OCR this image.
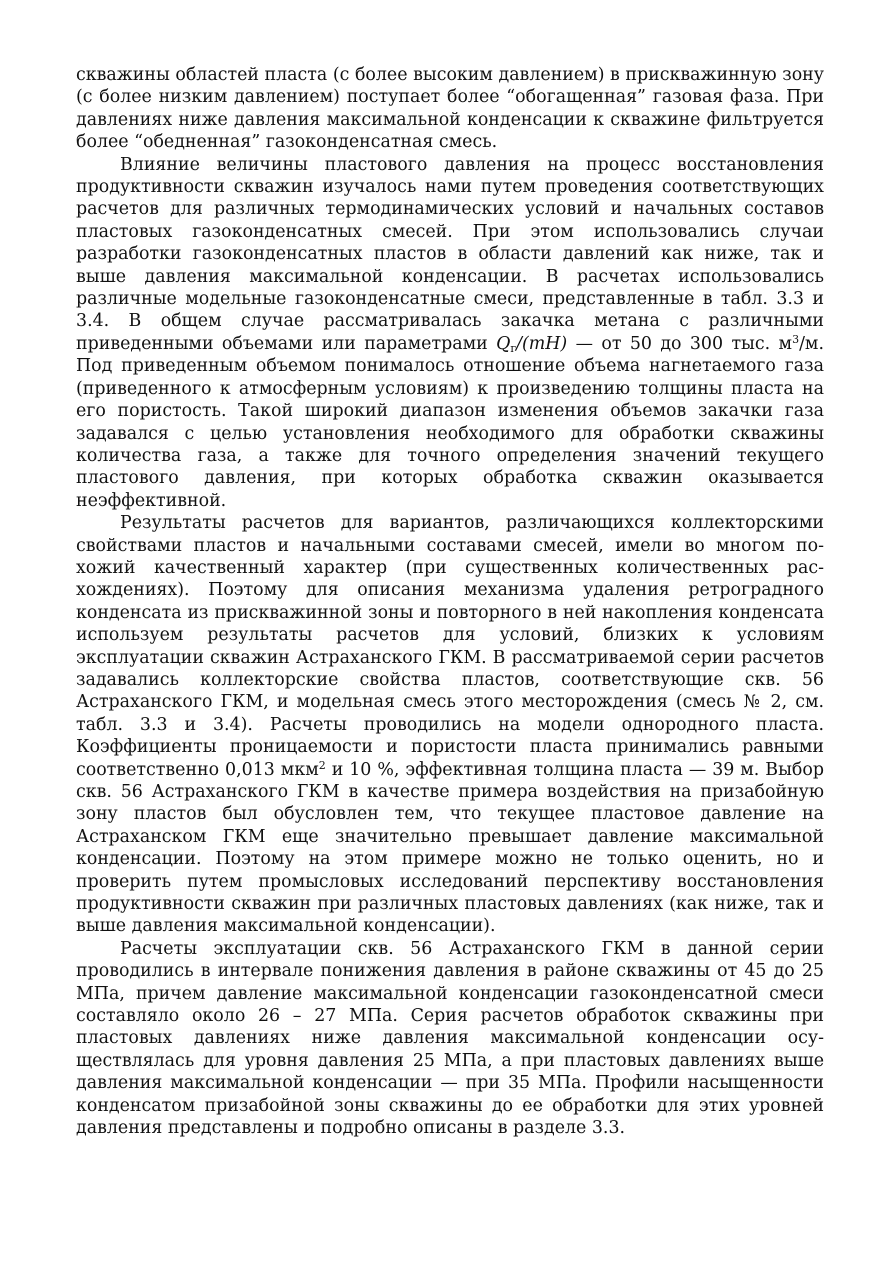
скважины областей пласта (с более высоким давлением) в прискважинную зону (с более низким давлением) поступает более “обогащенная” газовая фаза. При давлениях ниже давления максимальной конденсации к скважине фильтруется более “обедненная” газоконденсатная смесь.

Влияние величины пластового давления на процесс восстановления продуктивности скважин изучалось нами путем проведения соответствующих расчетов для различных термодинамических условий и начальных составов пластовых газоконденсатных смесей. При этом использовались случаи разработки газоконденсатных пластов в области давлений как ниже, так и выше давления максимальной конденсации. В расчетах использовались различные модельные газоконденсатные смеси, представленные в табл. 3.3 и 3.4. В общем случае рассматривалась закачка метана с различными приведенными объемами или параметрами $Q_г/(mH)$ — от 50 до 300 тыс. $м^3/м$. Под приведенным объемом понималось отношение объема нагнетаемого газа (приведенного к атмосферным условиям) к произведению толщины пласта на его пористость. Такой широкий диапазон изменения объемов закачки газа задавался с целью установления необходимого для обработки скважины количества газа, а также для точного определения значений текущего пластового давления, при которых обработка скважин оказывается неэффективной.

Результаты расчетов для вариантов, различающихся коллекторскими свойствами пластов и начальными составами смесей, имели во многом похожий качественный характер (при существенных количественных расхождениях). Поэтому для описания механизма удаления ретроградного конденсата из прискважинной зоны и повторного в ней накопления конденсата используем результаты расчетов для условий, близких к условиям эксплуатации скважин Астраханского ГКМ. В рассматриваемой серии расчетов задавались коллекторские свойства пластов, соответствующие скв. 56 Астраханского ГКМ, и модельная смесь этого месторождения (смесь № 2, см. табл. 3.3 и 3.4). Расчеты проводились на модели однородного пласта. Коэффициенты проницаемости и пористости пласта принимались равными соответственно 0,013 мкм$^2$ и 10 %, эффективная толщина пласта — 39 м. Выбор скв. 56 Астраханского ГКМ в качестве примера воздействия на призабойную зону пластов был обусловлен тем, что текущее пластовое давление на Астраханском ГКМ еще значительно превышает давление максимальной конденсации. Поэтому на этом примере можно не только оценить, но и проверить путем промысловых исследований перспективу восстановления продуктивности скважин при различных пластовых давлениях (как ниже, так и выше давления максимальной конденсации).

Расчеты эксплуатации скв. 56 Астраханского ГКМ в данной серии проводились в интервале понижения давления в районе скважины от 45 до 25 МПа, причем давление максимальной конденсации газоконденсатной смеси составляло около 26 – 27 МПа. Серия расчетов обработок скважины при пластовых давлениях ниже давления максимальной конденсации осуществлялась для уровня давления 25 МПа, а при пластовых давлениях выше давления максимальной конденсации — при 35 МПа. Профили насыщенности конденсатом призабойной зоны скважины до ее обработки для этих уровней давления представлены и подробно описаны в разделе 3.3.
